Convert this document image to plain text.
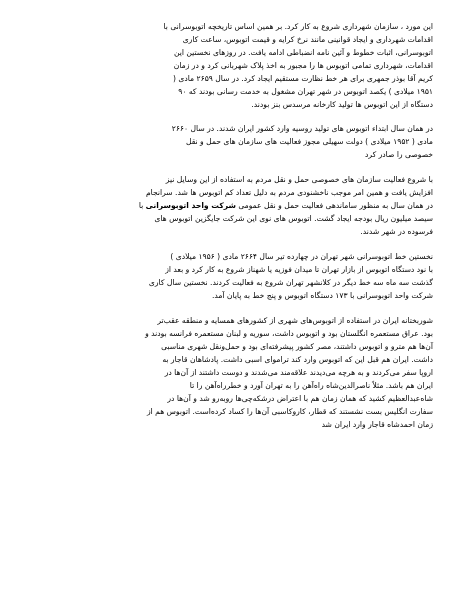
این مورد ، سازمان شهرداری شروع به کار کرد. بر همین اساس تاریخچه اتوبوسرانی با
اقدامات شهرداری و ایجاد قوانینی مانند نرخ کرایه و قیمت اتوبوس، ساعت کاری
اتوبوسرانی، اثبات خطوط و آئین نامه انضباطی ادامه یافت. در روزهای نخستین این
اقدامات، شهرداری تمامی اتوبوس ها را مجبور به اخذ پلاک شهربانی کرد و در زمان
کریم آقا بوذر جمهری برای هر خط نظارت مستقیم ایجاد کرد. در سال ۲۶۵۹ مادی (
۱۹۵۱ میلادی ) یکصد اتوبوس در شهر تهران مشغول به خدمت رسانی بودند که ۹۰
دستگاه از این اتوبوس ها تولید کارخانه مرسدس بنز بودند.

در همان سال ابتداء اتوبوس های تولید روسیه وارد کشور ایران شدند. در سال ۲۶۶۰
مادی ( ۱۹۵۲ میلادی ) دولت سهیلی مجوز فعالیت های سازمان های حمل و نقل
خصوصی را صادر کرد

با شروع فعالیت سازمان های خصوصی حمل و نقل مردم به استفاده از این وسایل نیز
افزایش یافت و همین امر موجب ناخشنودی مردم به دلیل تعداد کم اتوبوس ها شد. سرانجام
در همان سال به منظور ساماندهی فعالیت حمل و نقل عمومی شرکت واحد اتوبوسرانی با
سیصد میلیون ریال بودجه ایجاد گشت. اتوبوس های نوی این شرکت جایگزین اتوبوس های
فرسوده در شهر شدند.

نخستین خط اتوبوسرانی شهر تهران در چهارده تیر سال ۲۶۶۴ مادی ( ۱۹۵۶ میلادی )
با نود دستگاه اتوبوس از بازار تهران تا میدان فوزیه یا شهناز شروع به کار کرد و بعد از
گذشت سه ماه سه خط دیگر در کلانشهر تهران شروع به فعالیت کردند. نخستین سال کاری
شرکت واحد اتوبوسرانی با ۱۷۳ دستگاه اتوبوس و پنج خط به پایان آمد.

شوربختانه ایران در استفاده از اتوبوس‌های شهری از کشورهای همسایه و منطقه عقب‌تر
بود. عراق مستعمره انگلستان بود و اتوبوس داشت، سوریه و لبنان مستعمره فرانسه بودند و
آن‌ها هم مترو و اتوبوس داشتند، مصر کشور پیشرفته‌ای بود و حمل‌ونقل شهری مناسبی
داشت. ایران هم قبل این که اتوبوس وارد کند تراموای اسبی داشت. پادشاهان قاجار به
اروپا سفر می‌کردند و به هرچه می‌دیدند علاقه‌مند می‌شدند و دوست داشتند از آن‌ها در
ایران هم باشد. مثلاً ناصرالدین‌شاه راه‌آهن را به تهران آورد و خطرراه‌آهن را تا
شاه‌عبدالعظیم کشید که همان زمان هم با اعتراض درشکه‌چی‌ها روبه‌رو شد و آن‌ها در
سفارت انگلیس بست نشستند که قطار، کارو‌کاسبی آن‌ها را کساد کرده‌است. اتوبوس هم از
زمان احمدشاه قاجار وارد ایران شد
